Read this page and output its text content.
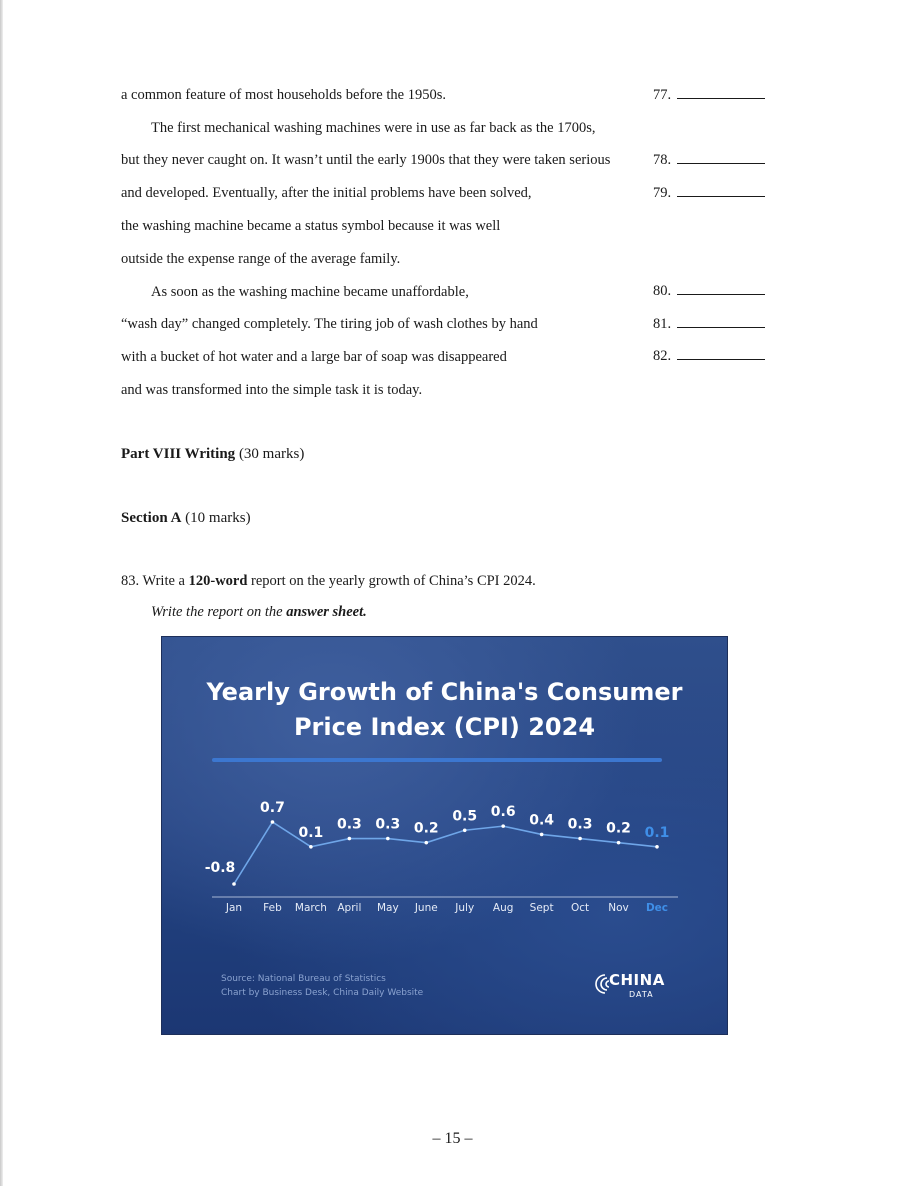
a common feature of most households before the 1950s.
The first mechanical washing machines were in use as far back as the 1700s,
but they never caught on. It wasn’t until the early 1900s that they were taken serious
and developed. Eventually, after the initial problems have been solved,
the washing machine became a status symbol because it was well
outside the expense range of the average family.
As soon as the washing machine became unaffordable,
“wash day” changed completely. The tiring job of wash clothes by hand
with a bucket of hot water and a large bar of soap was disappeared
and was transformed into the simple task it is today.
77.
78.
79.
80.
81.
82.
Part VIII Writing (30 marks)
Section A (10 marks)
83. Write a 120-word report on the yearly growth of China’s CPI 2024.
Write the report on the answer sheet.
Yearly Growth of China's Consumer
Price Index (CPI) 2024
-0.8
Jan
0.7
Feb
0.1
March
0.3
April
0.3
May
0.2
June
0.5
July
0.6
Aug
0.4
Sept
0.3
Oct
0.2
Nov
0.1
Dec
Source: National Bureau of Statistics
Chart by Business Desk, China Daily Website
CHINA
DATA
– 15 –
